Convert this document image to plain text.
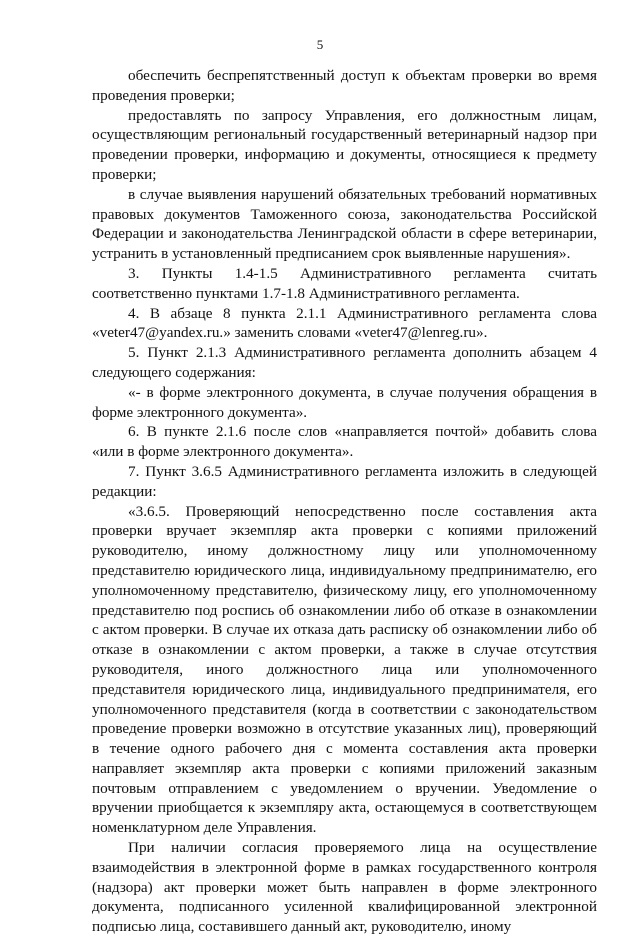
5

обеспечить беспрепятственный доступ к объектам проверки во время проведения проверки;

предоставлять по запросу Управления, его должностным лицам, осуществляющим региональный государственный ветеринарный надзор при проведении проверки, информацию и документы, относящиеся к предмету проверки;

в случае выявления нарушений обязательных требований нормативных правовых документов Таможенного союза, законодательства Российской Федерации и законодательства Ленинградской области в сфере ветеринарии, устранить в установленный предписанием срок выявленные нарушения».

3. Пункты 1.4-1.5 Административного регламента считать соответственно пунктами 1.7-1.8 Административного регламента.

4. В абзаце 8 пункта 2.1.1 Административного регламента слова «veter47@yandex.ru.» заменить словами «veter47@lenreg.ru».

5. Пункт 2.1.3 Административного регламента дополнить абзацем 4 следующего содержания:

«- в форме электронного документа, в случае получения обращения в форме электронного документа».

6. В пункте 2.1.6 после слов «направляется почтой» добавить слова «или в форме электронного документа».

7. Пункт 3.6.5 Административного регламента изложить в следующей редакции:

«3.6.5. Проверяющий непосредственно после составления акта проверки вручает экземпляр акта проверки с копиями приложений руководителю, иному должностному лицу или уполномоченному представителю юридического лица, индивидуальному предпринимателю, его уполномоченному представителю, физическому лицу, его уполномоченному представителю под роспись об ознакомлении либо об отказе в ознакомлении с актом проверки. В случае их отказа дать расписку об ознакомлении либо об отказе в ознакомлении с актом проверки, а также в случае отсутствия руководителя, иного должностного лица или уполномоченного представителя юридического лица, индивидуального предпринимателя, его уполномоченного представителя (когда в соответствии с законодательством проведение проверки возможно в отсутствие указанных лиц), проверяющий в течение одного рабочего дня с момента составления акта проверки направляет экземпляр акта проверки с копиями приложений заказным почтовым отправлением с уведомлением о вручении. Уведомление о вручении приобщается к экземпляру акта, остающемуся в соответствующем номенклатурном деле Управления.

При наличии согласия проверяемого лица на осуществление взаимодействия в электронной форме в рамках государственного контроля (надзора) акт проверки может быть направлен в форме электронного документа, подписанного усиленной квалифицированной электронной подписью лица, составившего данный акт, руководителю, иному
